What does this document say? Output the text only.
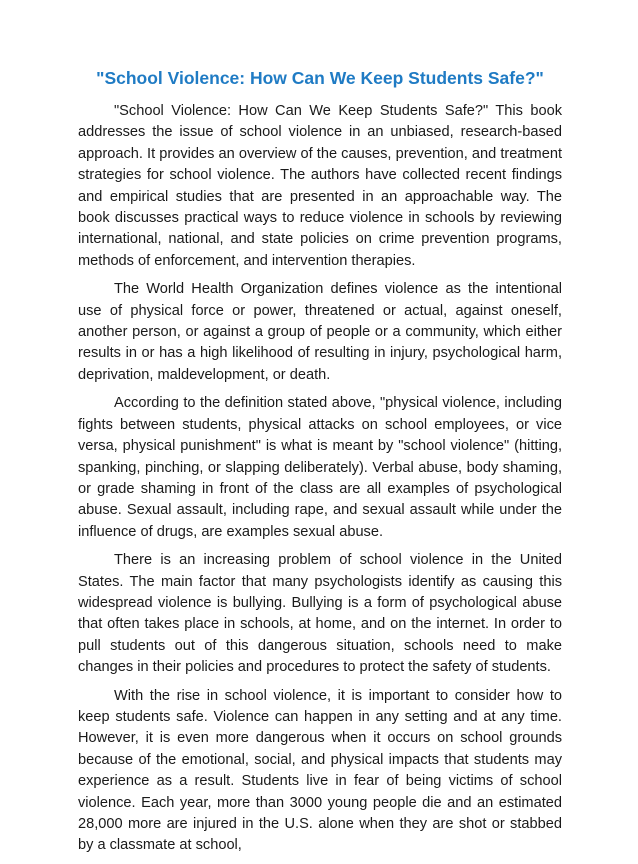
"School Violence: How Can We Keep Students Safe?"

"School Violence: How Can We Keep Students Safe?" This book addresses the issue of school violence in an unbiased, research-based approach. It provides an overview of the causes, prevention, and treatment strategies for school violence. The authors have collected recent findings and empirical studies that are presented in an approachable way. The book discusses practical ways to reduce violence in schools by reviewing international, national, and state policies on crime prevention programs, methods of enforcement, and intervention therapies.

The World Health Organization defines violence as the intentional use of physical force or power, threatened or actual, against oneself, another person, or against a group of people or a community, which either results in or has a high likelihood of resulting in injury, psychological harm, deprivation, maldevelopment, or death.

According to the definition stated above, "physical violence, including fights between students, physical attacks on school employees, or vice versa, physical punishment" is what is meant by "school violence" (hitting, spanking, pinching, or slapping deliberately). Verbal abuse, body shaming, or grade shaming in front of the class are all examples of psychological abuse. Sexual assault, including rape, and sexual assault while under the influence of drugs, are examples sexual abuse.

There is an increasing problem of school violence in the United States. The main factor that many psychologists identify as causing this widespread violence is bullying. Bullying is a form of psychological abuse that often takes place in schools, at home, and on the internet. In order to pull students out of this dangerous situation, schools need to make changes in their policies and procedures to protect the safety of students.

With the rise in school violence, it is important to consider how to keep students safe. Violence can happen in any setting and at any time. However, it is even more dangerous when it occurs on school grounds because of the emotional, social, and physical impacts that students may experience as a result. Students live in fear of being victims of school violence. Each year, more than 3000 young people die and an estimated 28,000 more are injured in the U.S. alone when they are shot or stabbed by a classmate at school,
